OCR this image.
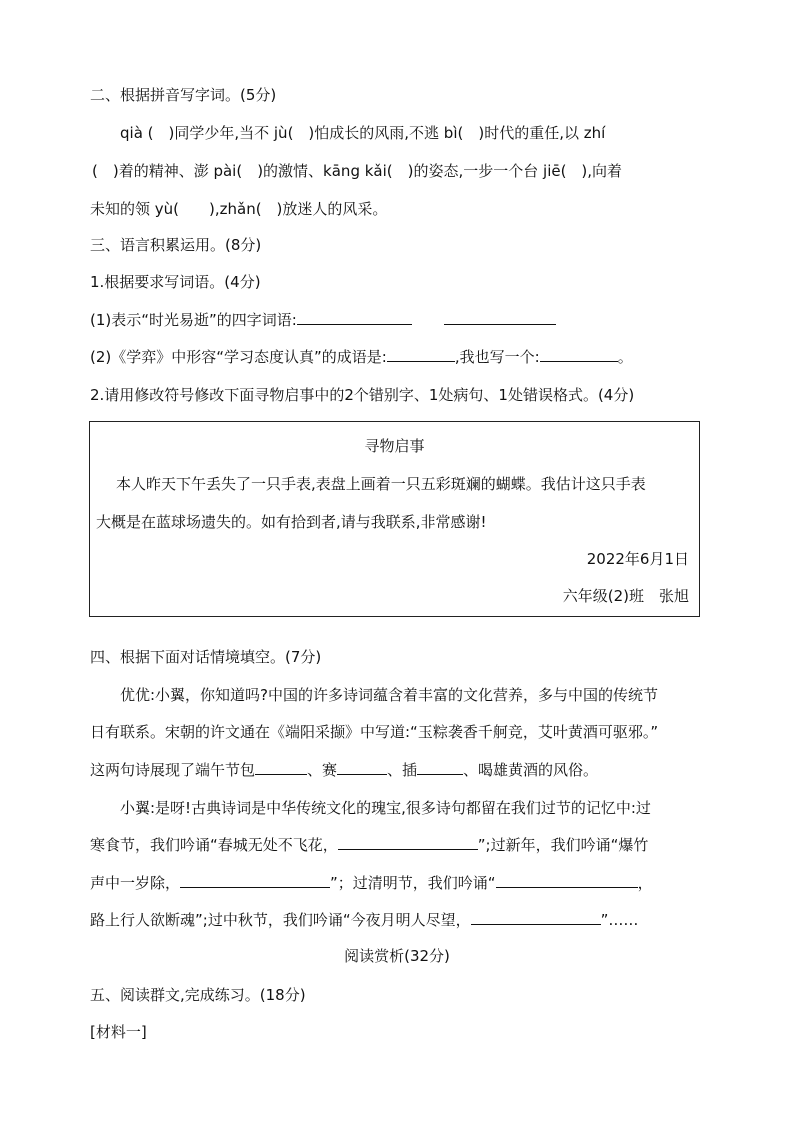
二、根据拼音写字词。(5分)
qià (　)同学少年,当不 jù(　)怕成长的风雨,不逃 bì(　)时代的重任,以 zhí
(　)着的精神、澎 pài(　)的激情、kāng kǎi(　)的姿态,一步一个台 jiē(　),向着
未知的领 yù(　　),zhǎn(　)放迷人的风采。
三、语言积累运用。(8分)
1.根据要求写词语。(4分)
(1)表示“时光易逝”的四字词语:
(2)《学弈》中形容“学习态度认真”的成语是:	,我也写一个:	。
2.请用修改符号修改下面寻物启事中的2个错别字、1处病句、1处错误格式。(4分)
寻物启事
本人昨天下午丢失了一只手表,表盘上画着一只五彩斑斓的蝴蝶。我估计这只手表
大概是在蓝球场遗失的。如有拾到者,请与我联系,非常感谢!
2022年6月1日
六年级(2)班　张旭
四、根据下面对话情境填空。(7分)
优优:小翼，你知道吗?中国的许多诗词蕴含着丰富的文化营养，多与中国的传统节
日有联系。宋朝的许文通在《端阳采撷》中写道:“玉粽袭香千舸竞，艾叶黄酒可驱邪。”
这两句诗展现了端午节包	、赛	、插	、喝雄黄酒的风俗。
小翼:是呀!古典诗词是中华传统文化的瑰宝,很多诗句都留在我们过节的记忆中:过
寒食节，我们吟诵“春城无处不飞花，	”;过新年，我们吟诵“爆竹
声中一岁除，	”；过清明节，我们吟诵“	，
路上行人欲断魂”;过中秋节，我们吟诵“今夜月明人尽望，	”……
阅读赏析(32分)
五、阅读群文,完成练习。(18分)
[材料一]
